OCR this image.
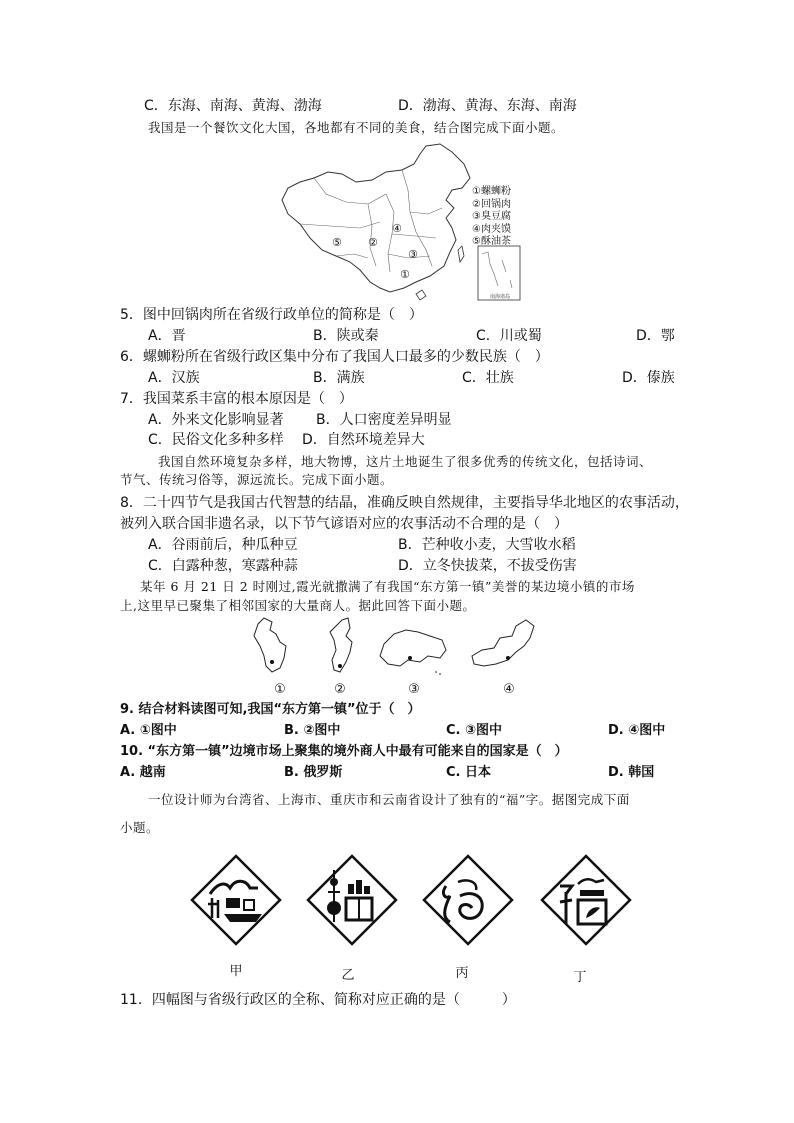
C．东海、南海、黄海、渤海	D．渤海、黄海、东海、南海
我国是一个餐饮文化大国，各地都有不同的美食，结合图完成下面小题。
①
②
③
④
⑤
①螺蛳粉
②回锅肉
③臭豆腐
④肉夹馍
⑤酥油茶
南海诸岛
5．图中回锅肉所在省级行政单位的简称是（　）
A．晋	B．陕或秦	C．川或蜀	D．鄂
6．螺蛳粉所在省级行政区集中分布了我国人口最多的少数民族（　）
A．汉族	B．满族	C．壮族	D．傣族
7．我国菜系丰富的根本原因是（　）
A．外来文化影响显著 B．人口密度差异明显
C．民俗文化多种多样 D．自然环境差异大
我国自然环境复杂多样，地大物博，这片土地诞生了很多优秀的传统文化，包括诗词、
节气、传统习俗等，源远流长。完成下面小题。
8．二十四节气是我国古代智慧的结晶，准确反映自然规律，主要指导华北地区的农事活动，
被列入联合国非遗名录，以下节气谚语对应的农事活动不合理的是（　）
A．谷雨前后，种瓜种豆	B．芒种收小麦，大雪收水稻
C．白露种葱，寒露种蒜	D．立冬快拔菜，不拔受伤害
某年 6 月 21 日 2 时刚过,霞光就撒满了有我国“东方第一镇”美誉的某边境小镇的市场
上,这里早已聚集了相邻国家的大量商人。据此回答下面小题。
①	②	③	④
9. 结合材料读图可知,我国“东方第一镇”位于（　）
A. ①图中	B. ②图中	C. ③图中	D. ④图中
10. “东方第一镇”边境市场上聚集的境外商人中最有可能来自的国家是（　）
A. 越南	B. 俄罗斯	C. 日本	D. 韩国
一位设计师为台湾省、上海市、重庆市和云南省设计了独有的“福”字。据图完成下面
小题。
甲	乙	丙	丁
11．四幅图与省级行政区的全称、简称对应正确的是（　　　）
